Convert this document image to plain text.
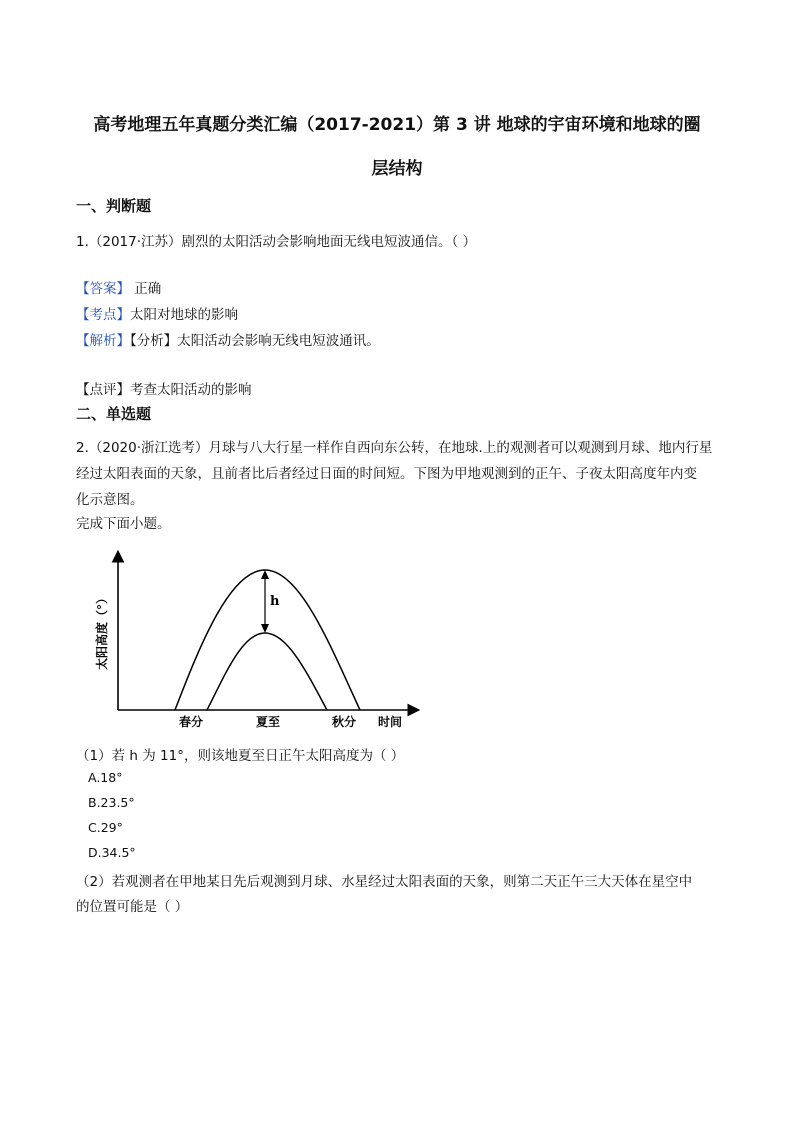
高考地理五年真题分类汇编（2017-2021）第 3 讲 地球的宇宙环境和地球的圈
层结构
一、判断题
1.（2017·江苏）剧烈的太阳活动会影响地面无线电短波通信。（ ）
【答案】 正确
【考点】太阳对地球的影响
【解析】【分析】太阳活动会影响无线电短波通讯。
【点评】考查太阳活动的影响
二、单选题
2.（2020·浙江选考）月球与八大行星一样作自西向东公转，在地球.上的观测者可以观测到月球、地内行星
经过太阳表面的天象，且前者比后者经过日面的时间短。下图为甲地观测到的正午、子夜太阳高度年内变
化示意图。
完成下面小题。
h
太阳高度（°）
春分	夏至	秋分 时间
（1）若 h 为 11°，则该地夏至日正午太阳高度为（ ）
A.18°
B.23.5°
C.29°
D.34.5°
（2）若观测者在甲地某日先后观测到月球、水星经过太阳表面的天象，则第二天正午三大天体在星空中
的位置可能是（ ）
